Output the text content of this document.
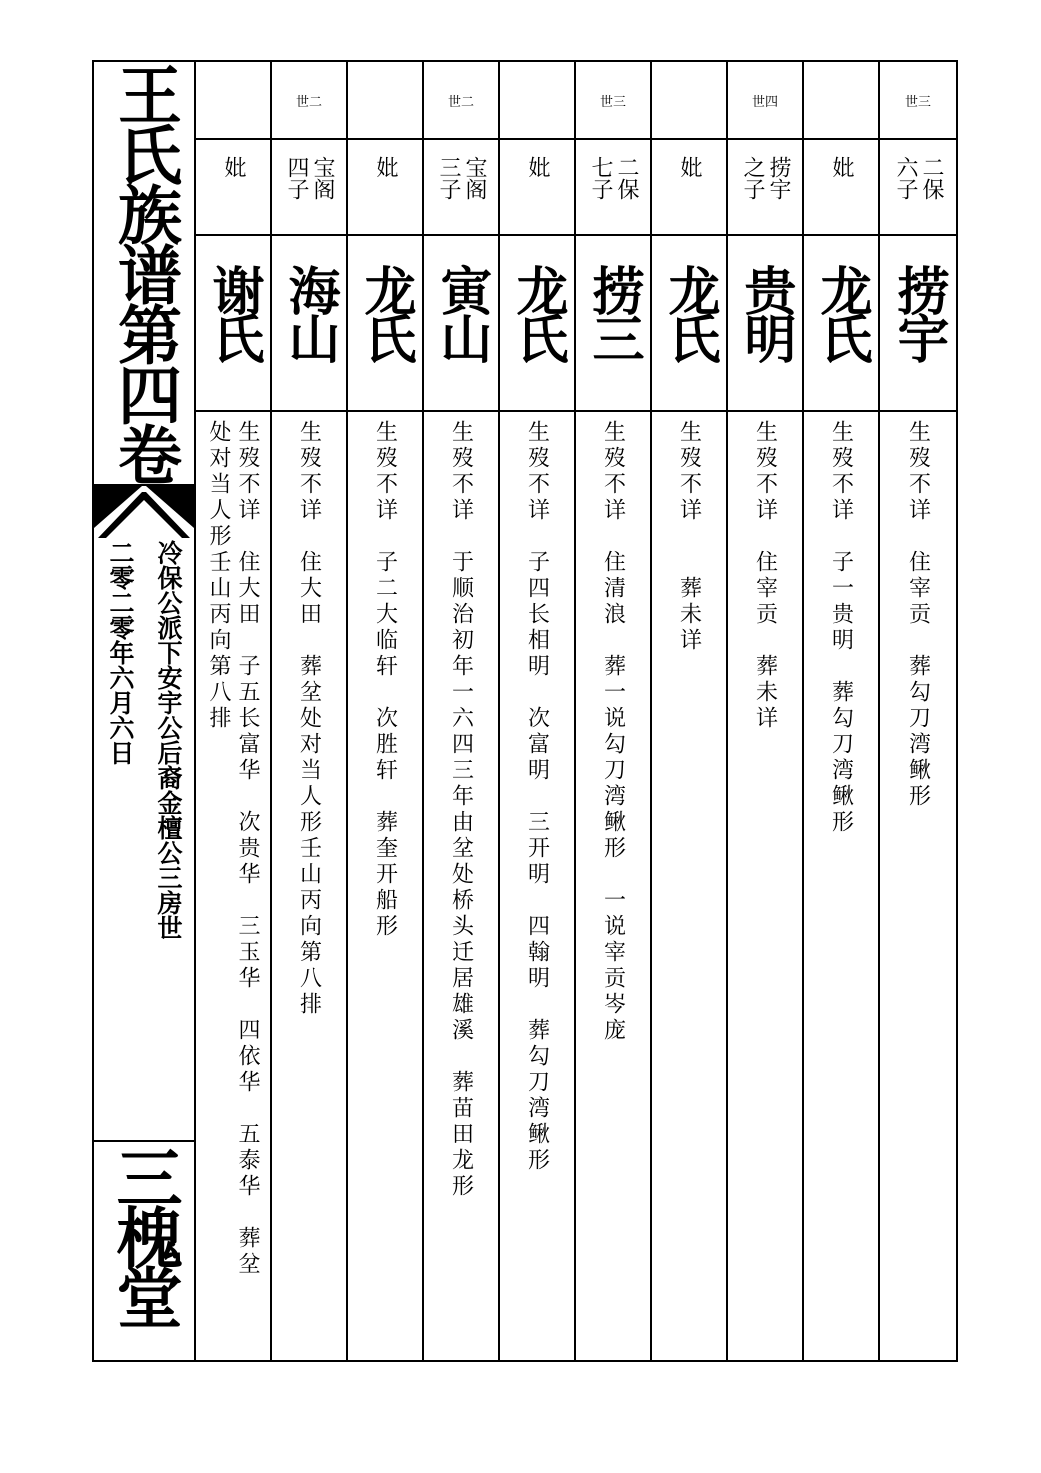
王氏族谱第四卷
冷保公派下安宇公后裔金檀公三房世
二零二零年六月六日
三槐堂
世三
二保
六子
捞宇
生歿不详　住宰贡　葬勾刀湾鳅形
妣
龙氏
生歿不详　子一贵明　葬勾刀湾鳅形
世四
捞宇
之子
贵明
生歿不详　住宰贡　葬未详
妣
龙氏
生歿不详　　葬未详
世三
二保
七子
捞三
生歿不详　住清浪　葬一说勾刀湾鳅形　一说宰贡岑庞
妣
龙氏
生歿不详　子四长相明　次富明　三开明　四翰明　葬勾刀湾鳅形
世二
宝阁
三子
寅山
生歿不详　于顺治初年一六四三年由坌处桥头迁居雄溪　葬苗田龙形
妣
龙氏
生歿不详　子二大临轩　次胜轩　葬奎开船形
世二
宝阁
四子
海山
生歿不详　住大田　葬坌处对当人形壬山丙向第八排
妣
谢氏
生歿不详　住大田　子五长富华　次贵华　三玉华　四依华　五泰华　葬坌
处对当人形壬山丙向第八排
